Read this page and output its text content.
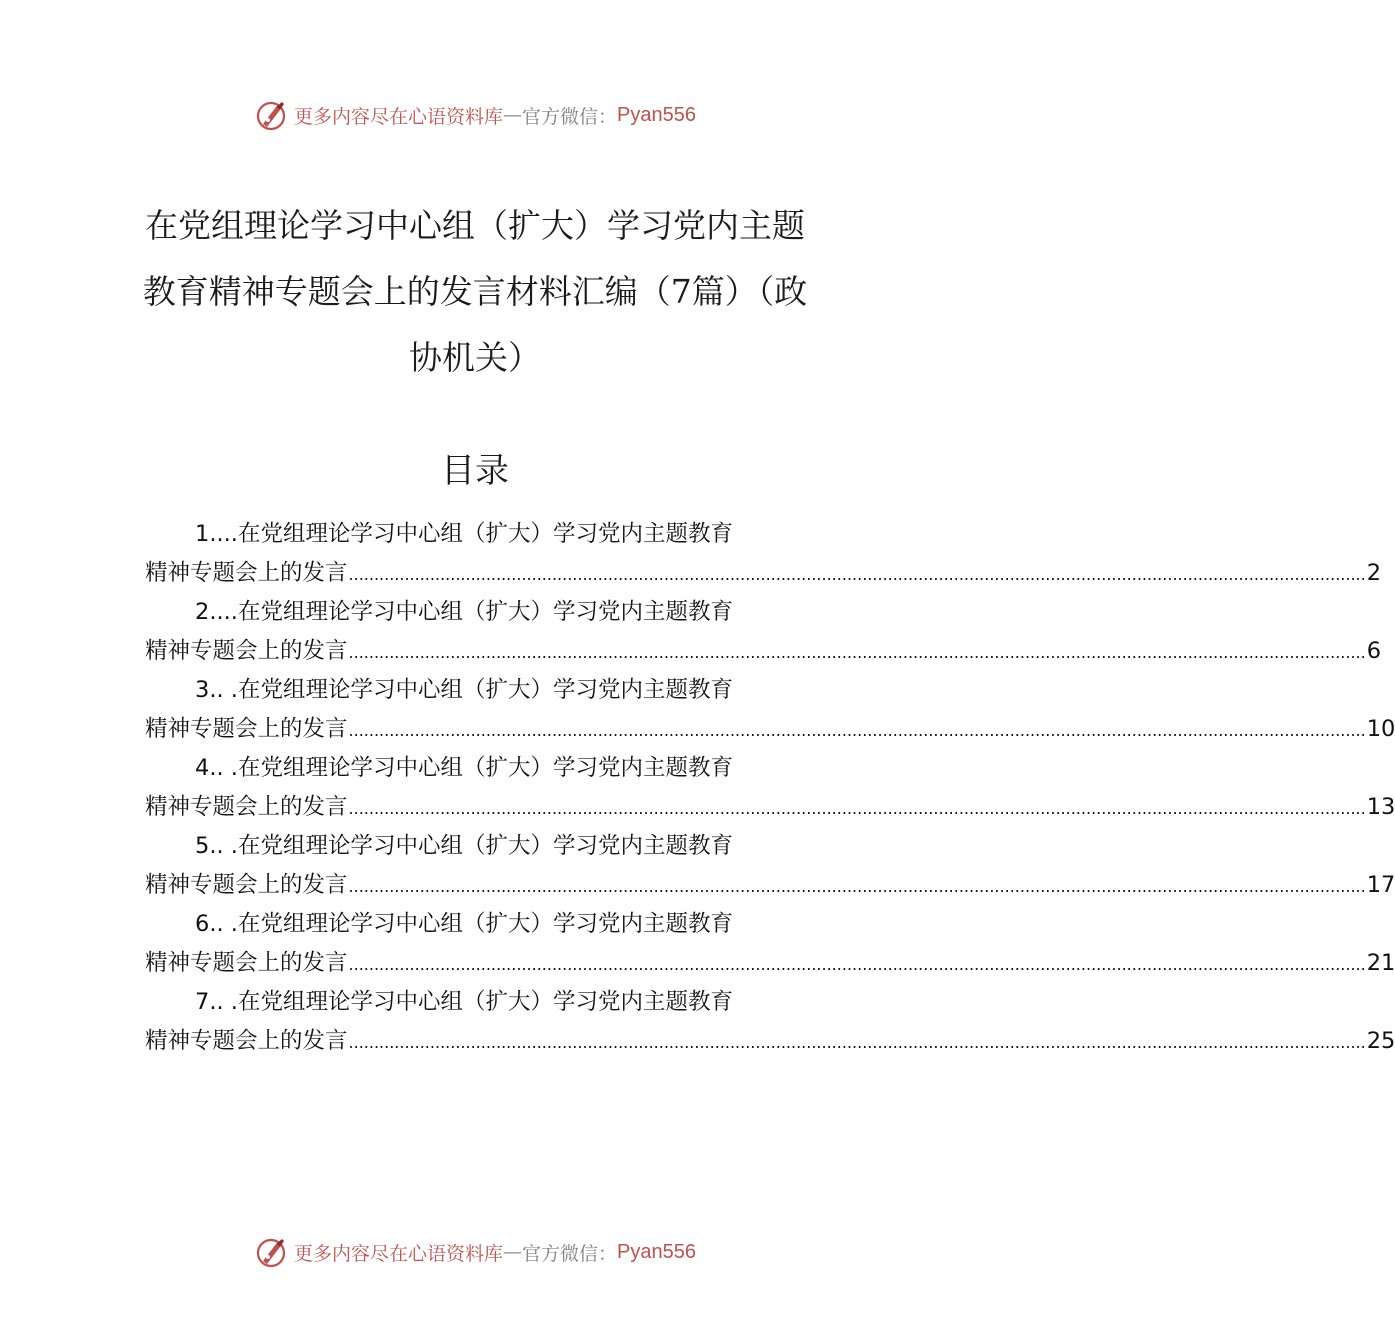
更多内容尽在心语资料库 — 官方微信： Pyan556
在党组理论学习中心组（扩大）学习党内主题教育精神专题会上的发言材料汇编（7篇）（政协机关）
目录
1....在党组理论学习中心组（扩大）学习党内主题教育
精神专题会上的发言 ........................................................................................................................................................................................................ 2
2....在党组理论学习中心组（扩大）学习党内主题教育
精神专题会上的发言 ........................................................................................................................................................................................................ 6
3.. .在党组理论学习中心组（扩大）学习党内主题教育
精神专题会上的发言 ........................................................................................................................................................................................................ 10
4.. .在党组理论学习中心组（扩大）学习党内主题教育
精神专题会上的发言 ........................................................................................................................................................................................................ 13
5.. .在党组理论学习中心组（扩大）学习党内主题教育
精神专题会上的发言 ........................................................................................................................................................................................................ 17
6.. .在党组理论学习中心组（扩大）学习党内主题教育
精神专题会上的发言 ........................................................................................................................................................................................................ 21
7.. .在党组理论学习中心组（扩大）学习党内主题教育
精神专题会上的发言 ........................................................................................................................................................................................................ 25
更多内容尽在心语资料库 — 官方微信： Pyan556
